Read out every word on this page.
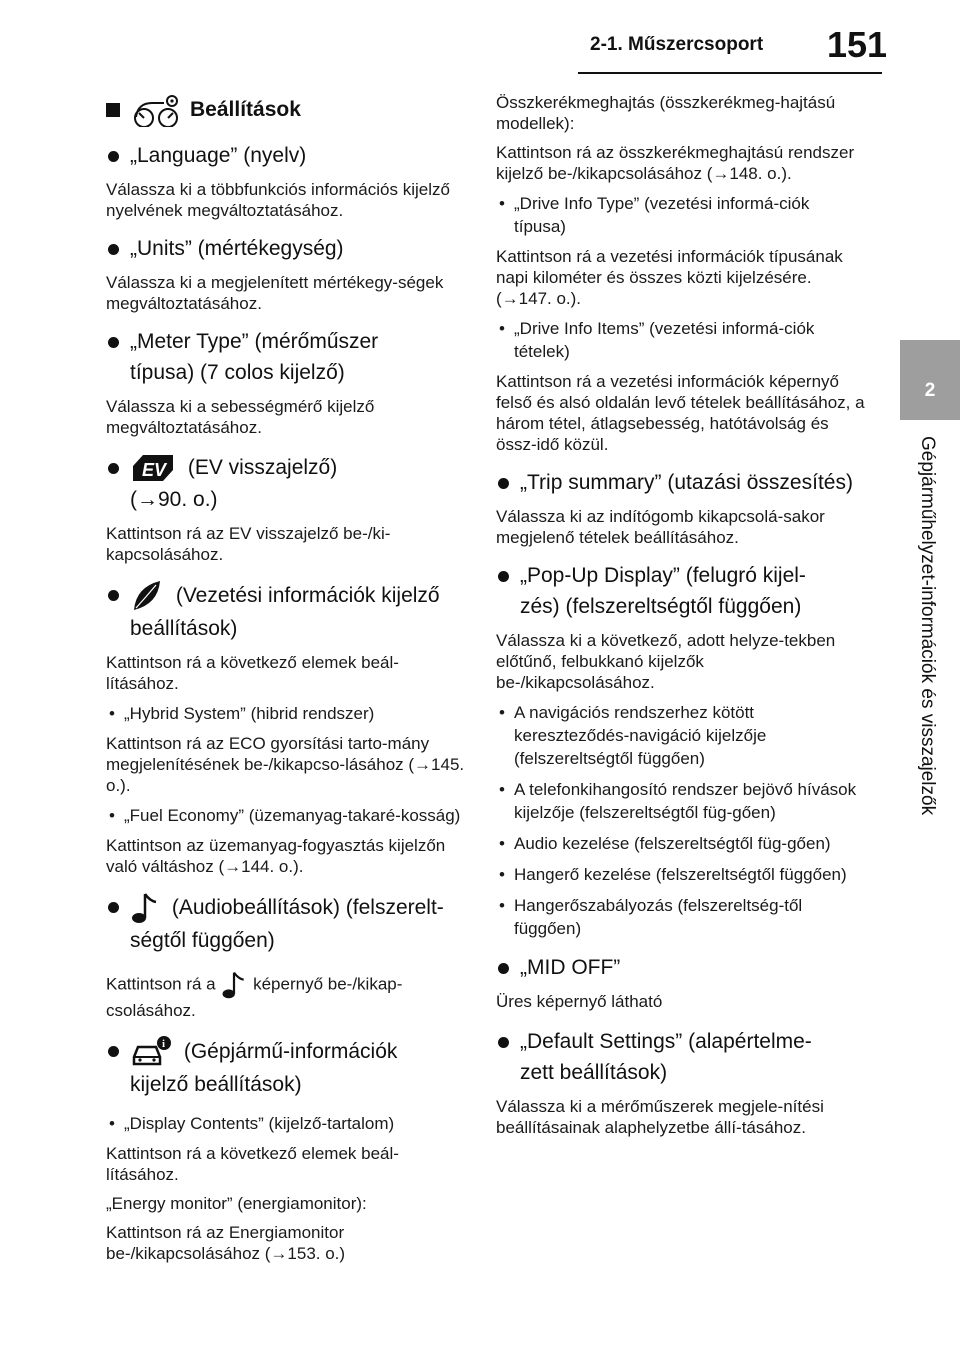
2-1. Műszercsoport 151
2
Gépjárműhelyzet-információk és visszajelzők
Beállítások
„Language” (nyelv)
Válassza ki a többfunkciós információs kijelző nyelvének megváltoztatásához.
„Units” (mértékegység)
Válassza ki a megjelenített mértékegy-ségek megváltoztatásához.
„Meter Type” (mérőműszer
típusa) (7 colos kijelző)
Válassza ki a sebességmérő kijelző megváltoztatásához.
EV (EV visszajelző)
(→90. o.)
Kattintson rá az EV visszajelző be-/ki-kapcsolásához.
(Vezetési információk kijelző
beállítások)
Kattintson rá a következő elemek beál-lításához.
• „Hybrid System” (hibrid rendszer)
Kattintson rá az ECO gyorsítási tarto-mány megjelenítésének be-/kikapcso-lásához (→145. o.).
• „Fuel Economy” (üzemanyag-takaré-kosság)
Kattintson az üzemanyag-fogyasztás kijelzőn való váltáshoz (→144. o.).
(Audiobeállítások) (felszerelt-
ségtől függően)
Kattintson rá a képernyő be-/kikap-csolásához.
i (Gépjármű-információk
kijelző beállítások)
• „Display Contents” (kijelző-tartalom)
Kattintson rá a következő elemek beál-lításához.
„Energy monitor” (energiamonitor):
Kattintson rá az Energiamonitor be-/kikapcsolásához (→153. o.)
Összkerékmeghajtás (összkerékmeg-hajtású modellek):
Kattintson rá az összkerékmeghajtású rendszer kijelző be-/kikapcsolásához (→148. o.).
• „Drive Info Type” (vezetési informá-ciók típusa)
Kattintson rá a vezetési információk típusának napi kilométer és összes közti kijelzésére. (→147. o.).
• „Drive Info Items” (vezetési informá-ciók tételek)
Kattintson rá a vezetési információk képernyő felső és alsó oldalán levő tételek beállításához, a három tétel, átlagsebesség, hatótávolság és össz-idő közül.
„Trip summary” (utazási összesítés)
Válassza ki az indítógomb kikapcsolá-sakor megjelenő tételek beállításához.
„Pop-Up Display” (felugró kijel-
zés) (felszereltségtől függően)
Válassza ki a következő, adott helyze-tekben előtűnő, felbukkanó kijelzők be-/kikapcsolásához.
• A navigációs rendszerhez kötött kereszteződés-navigáció kijelzője (felszereltségtől függően)
• A telefonkihangosító rendszer bejövő hívások kijelzője (felszereltségtől füg-gően)
• Audio kezelése (felszereltségtől füg-gően)
• Hangerő kezelése (felszereltségtől függően)
• Hangerőszabályozás (felszereltség-től függően)
„MID OFF”
Üres képernyő látható
„Default Settings” (alapértelme-
zett beállítások)
Válassza ki a mérőműszerek megjele-nítési beállításainak alaphelyzetbe állí-tásához.
